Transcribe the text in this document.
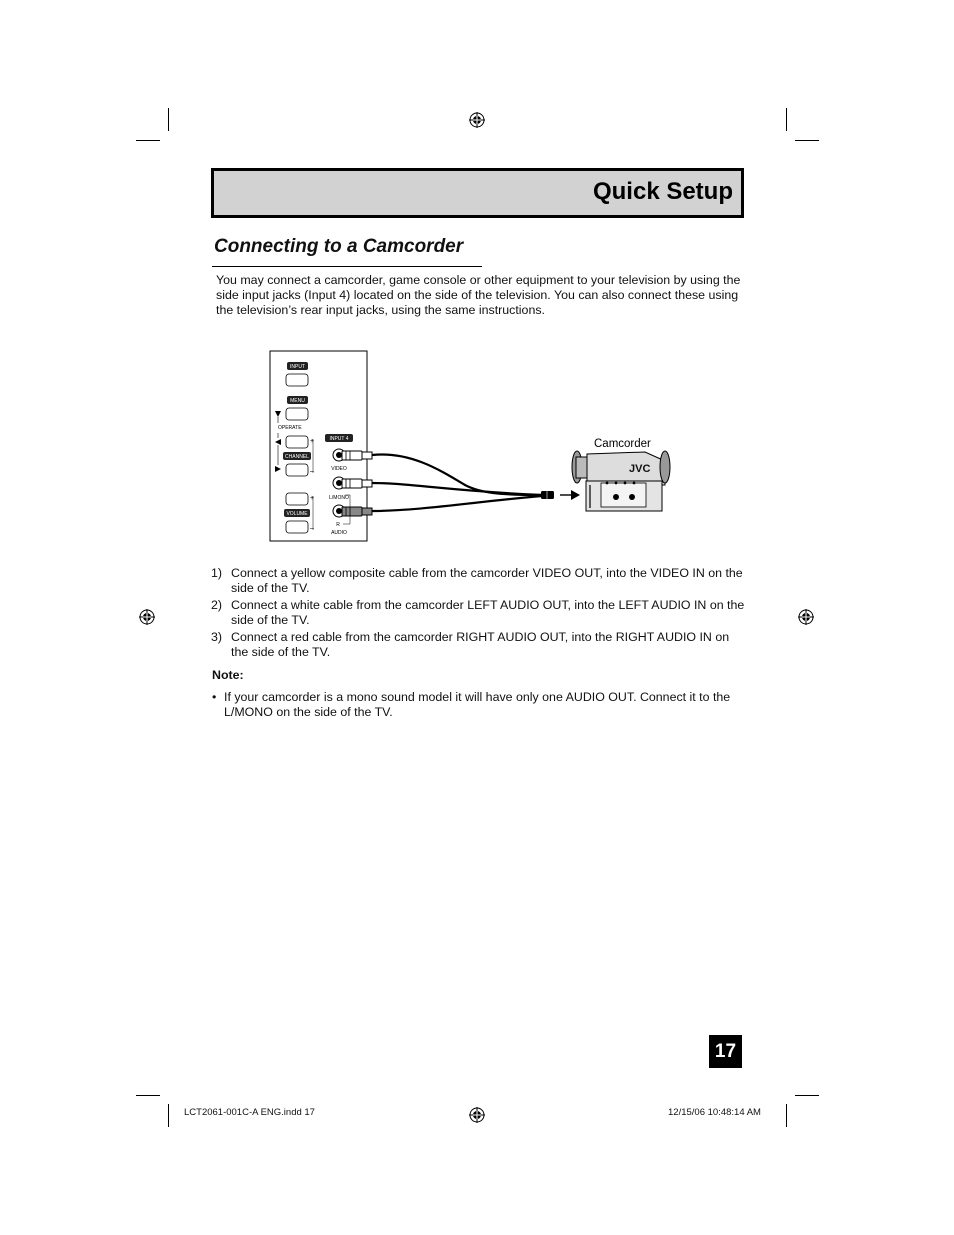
Quick Setup
Connecting to a Camcorder
You may connect a camcorder, game console or other equipment to your television by using the side input jacks (Input 4) located on the side of the television. You can also connect these using the television’s rear input jacks, using the same instructions.
INPUT
MENU
OPERATE
+
CHANNEL
–
+
VOLUME
–
INPUT 4
VIDEO
L/MONO
R
AUDIO
Camcorder
JVC
1) Connect a yellow composite cable from the camcorder VIDEO OUT, into the VIDEO IN on the side of the TV.
2) Connect a white cable from the camcorder LEFT AUDIO OUT, into the LEFT AUDIO IN on the side of the TV.
3) Connect a red cable from the camcorder RIGHT AUDIO OUT, into the RIGHT AUDIO IN on the side of the TV.
Note:
• If your camcorder is a mono sound model it will have only one AUDIO OUT. Connect it to the L/MONO on the side of the TV.
17
LCT2061-001C-A ENG.indd 17	12/15/06 10:48:14 AM
